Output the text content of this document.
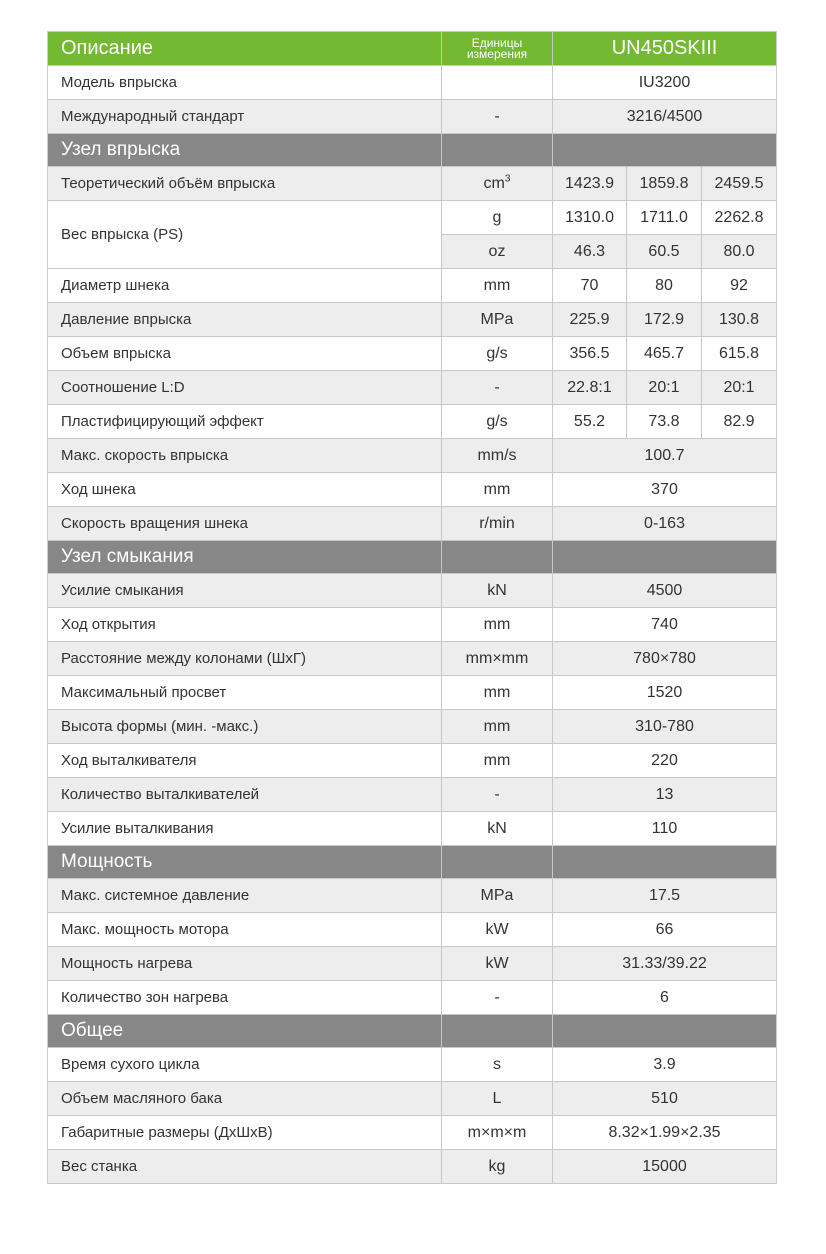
Описание	Единицы измерения	UN450SKIII		
Модель впрыска		IU3200		
Международный стандарт	-	3216/4500		
Узел впрыска				
Теоретический объём впрыска	$cm^3$	1423.9	1859.8	2459.5
Вес впрыска (PS)	g	1310.0	1711.0	2262.8
	oz	46.3	60.5	80.0
Диаметр шнека	mm	70	80	92
Давление впрыска	MPa	225.9	172.9	130.8
Объем впрыска	g/s	356.5	465.7	615.8
Соотношение L:D	-	22.8:1	20:1	20:1
Пластифицирующий эффект	g/s	55.2	73.8	82.9
Макс. скорость впрыска	mm/s	100.7		
Ход шнека	mm	370		
Скорость вращения шнека	r/min	0-163		
Узел смыкания				
Усилие смыкания	kN	4500		
Ход открытия	mm	740		
Расстояние между колонами (ШхГ)	mm×mm	780×780		
Максимальный просвет	mm	1520		
Высота формы (мин. -макс.)	mm	310-780		
Ход выталкивателя	mm	220		
Количество выталкивателей	-	13		
Усилие выталкивания	kN	110		
Мощность				
Макс. системное давление	MPa	17.5		
Макс. мощность мотора	kW	66		
Мощность нагрева	kW	31.33/39.22		
Количество зон нагрева	-	6		
Общее				
Время сухого цикла	s	3.9		
Объем масляного бака	L	510		
Габаритные размеры (ДхШхВ)	m×m×m	8.32×1.99×2.35		
Вес станка	kg	15000		
